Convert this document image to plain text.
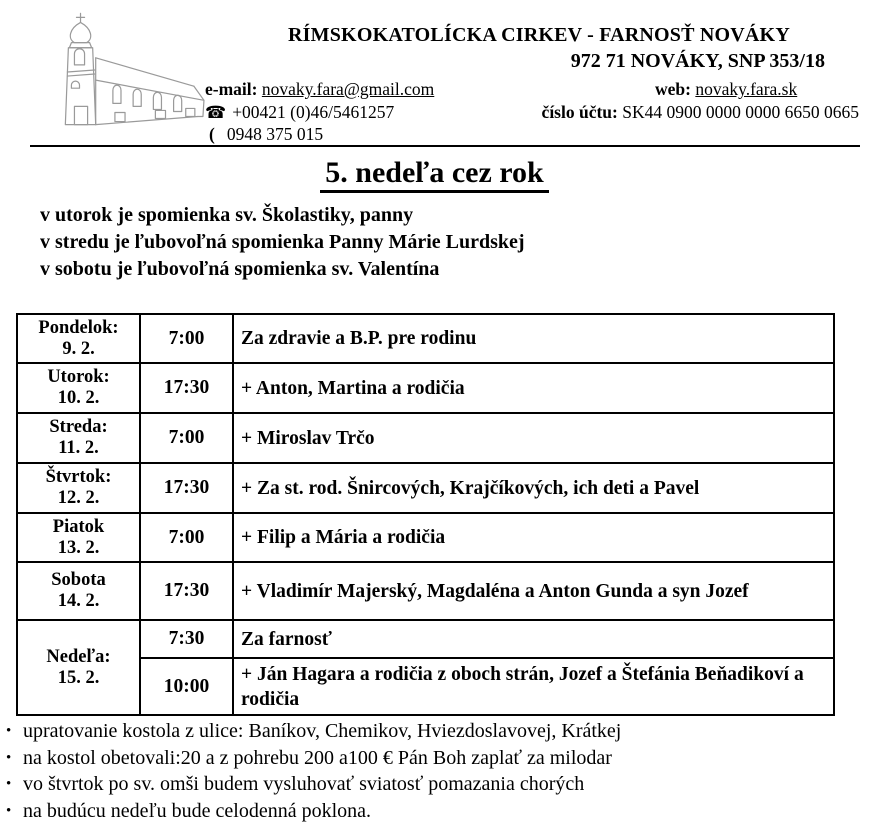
RÍMSKOKATOLÍCKA CIRKEV - FARNOSŤ NOVÁKY
972 71 NOVÁKY, SNP 353/18
e-mail: novaky.fara@gmail.com	web: novaky.fara.sk
☎ +00421 (0)46/5461257	číslo účtu: SK44 0900 0000 0000 6650 0665
( 0948 375 015
5. nedeľa cez rok
v utorok je spomienka sv. Školastiky, panny
v stredu je ľubovoľná spomienka Panny Márie Lurdskej
v sobotu je ľubovoľná spomienka sv. Valentína
Pondelok:
9. 2.	7:00	Za zdravie a B.P. pre rodinu

Utorok:
10. 2.	17:30	+ Anton, Martina a rodičia

Streda:
11. 2.	7:00	+ Miroslav Trčo

Štvrtok:
12. 2.	17:30	+ Za st. rod. Šnircových, Krajčíkových, ich deti a Pavel

Piatok
13. 2.	7:00	+ Filip a Mária a rodičia

Sobota
14. 2.	17:30	+ Vladimír Majerský, Magdaléna a Anton Gunda a syn Jozef

Nedeľa:
15. 2.	7:30	Za farnosť
	10:00	+ Ján Hagara a rodičia z oboch strán, Jozef a Štefánia Beňadikoví a rodičia
• upratovanie kostola z ulice: Baníkov, Chemikov, Hviezdoslavovej, Krátkej
• na kostol obetovali:20 a z pohrebu 200 a100 € Pán Boh zaplať za milodar
• vo štvrtok po sv. omši budem vysluhovať sviatosť pomazania chorých
• na budúcu nedeľu bude celodenná poklona.
